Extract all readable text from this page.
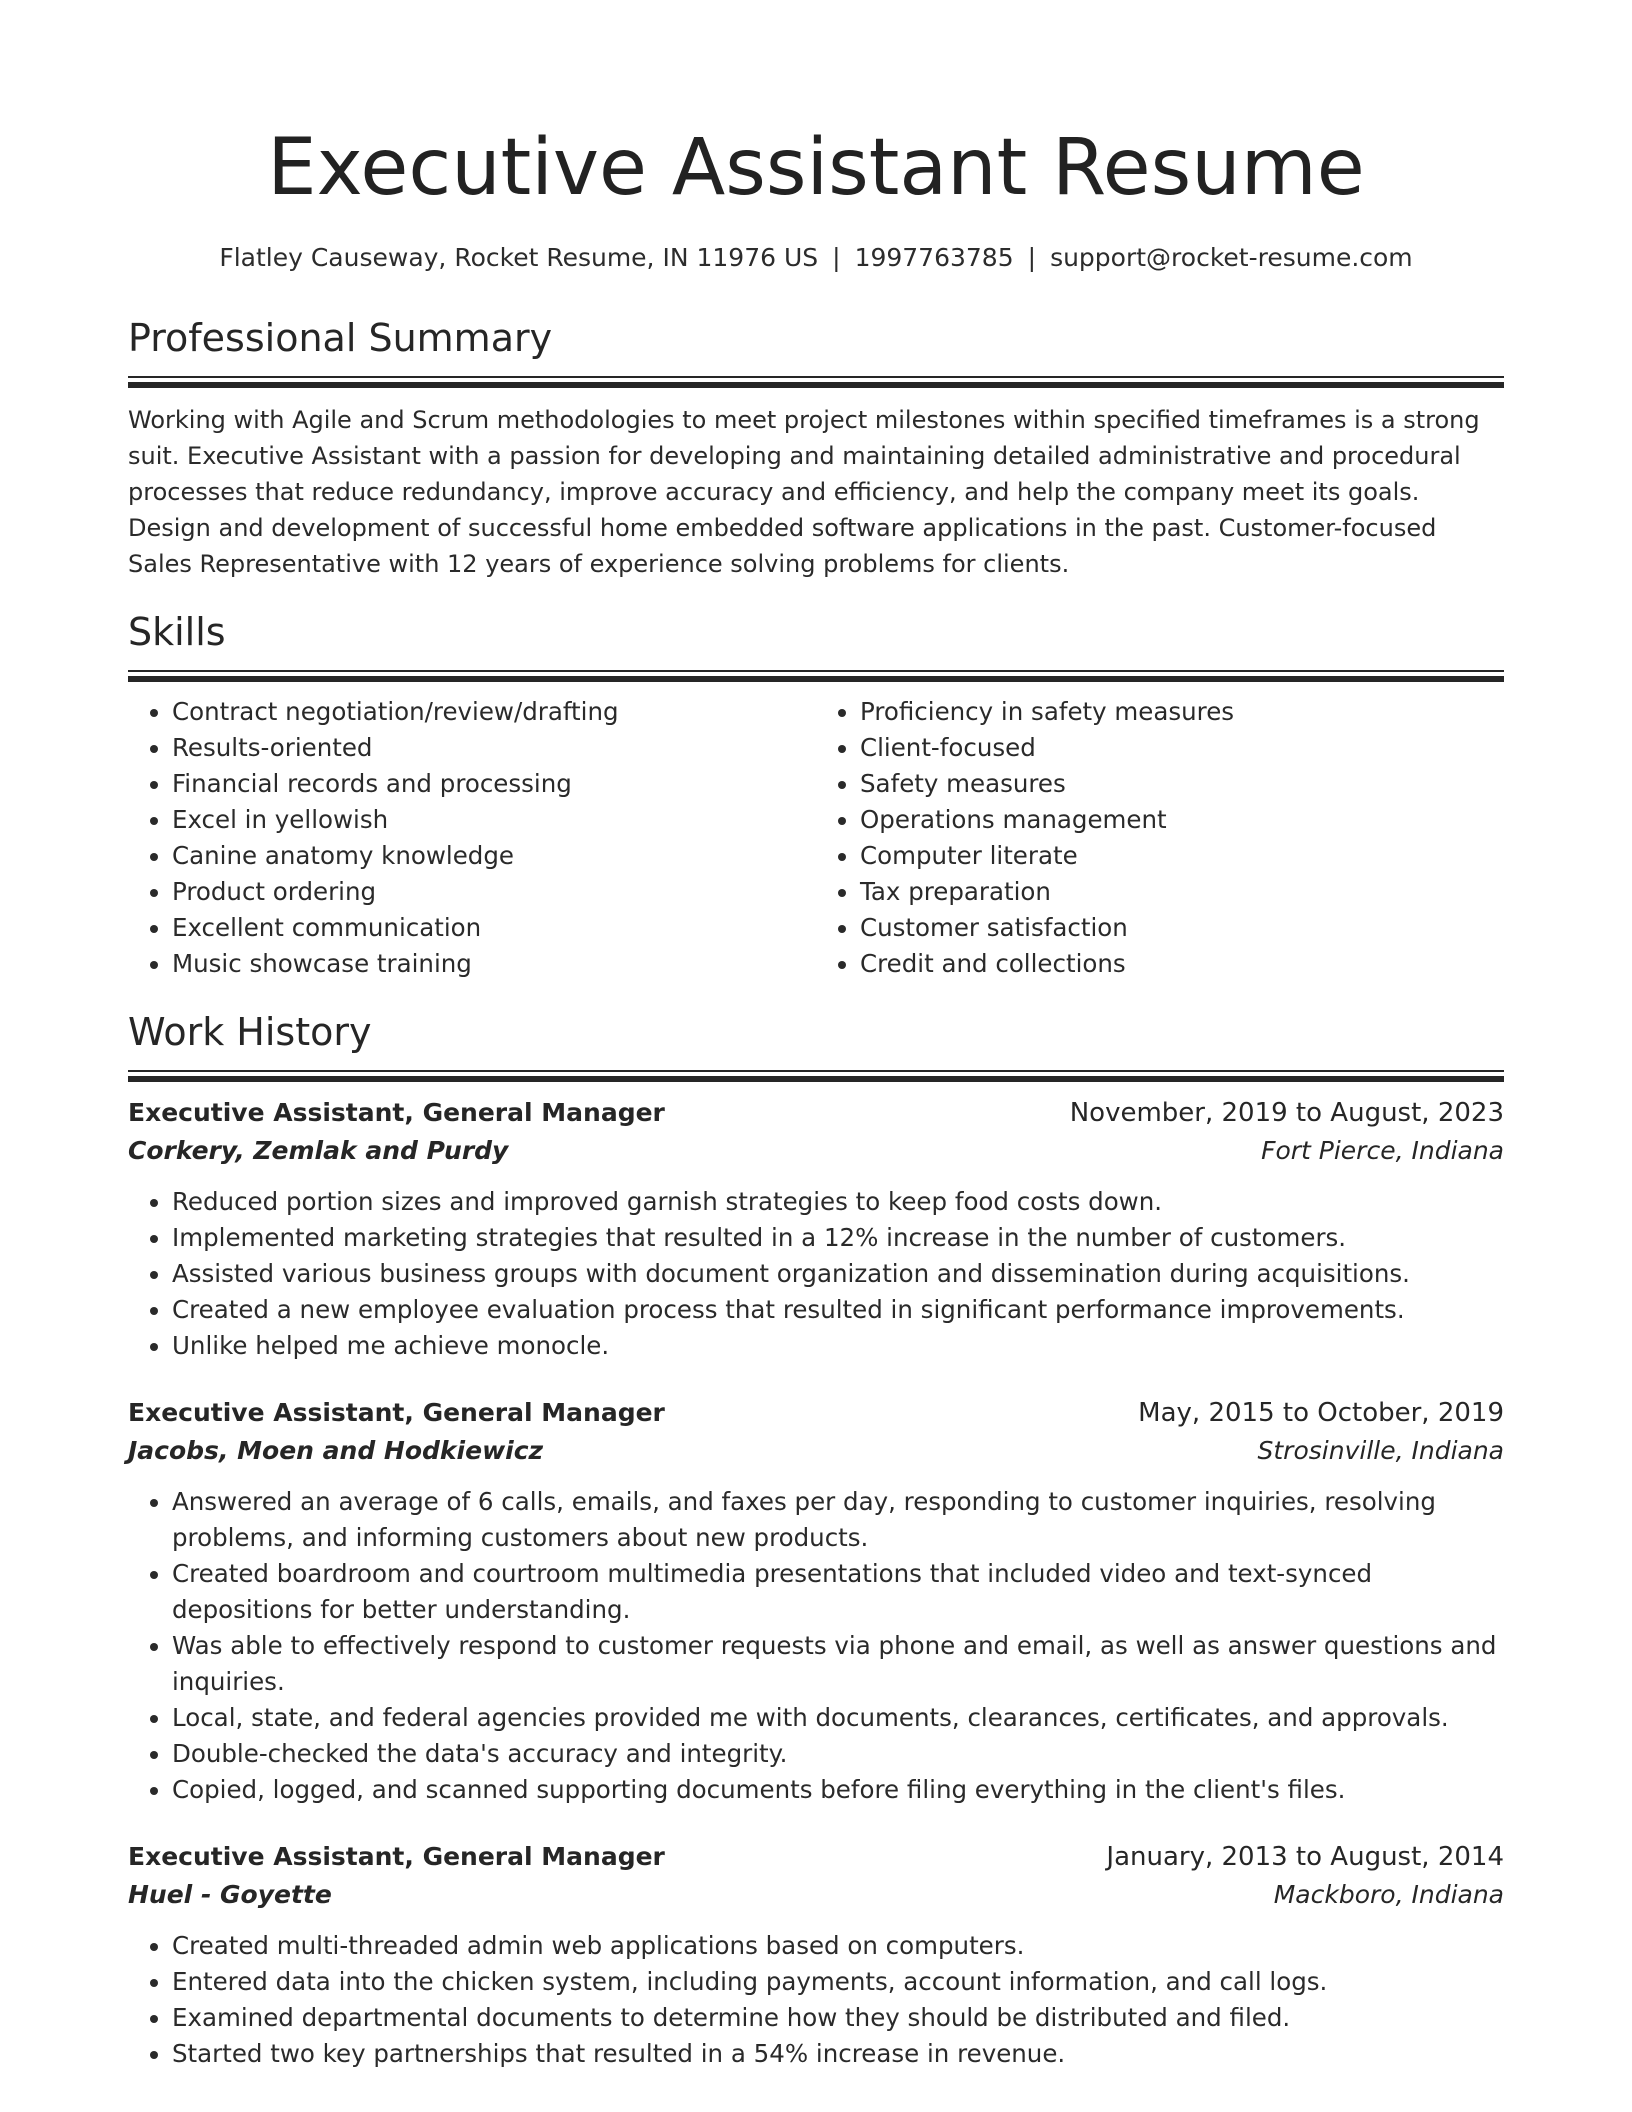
Executive Assistant Resume
Flatley Causeway, Rocket Resume, IN 11976 US | 1997763785 | support@rocket-resume.com
Professional Summary

Working with Agile and Scrum methodologies to meet project milestones within specified timeframes is a strong suit. Executive Assistant with a passion for developing and maintaining detailed administrative and procedural processes that reduce redundancy, improve accuracy and efficiency, and help the company meet its goals. Design and development of successful home embedded software applications in the past. Customer-focused Sales Representative with 12 years of experience solving problems for clients.

Skills
• Contract negotiation/review/drafting
• Results-oriented
• Financial records and processing
• Excel in yellowish
• Canine anatomy knowledge
• Product ordering
• Excellent communication
• Music showcase training
• Proficiency in safety measures
• Client-focused
• Safety measures
• Operations management
• Computer literate
• Tax preparation
• Customer satisfaction
• Credit and collections
Work History
Executive Assistant, General Manager	November, 2019 to August, 2023
Corkery, Zemlak and Purdy	Fort Pierce, Indiana
• Reduced portion sizes and improved garnish strategies to keep food costs down.
• Implemented marketing strategies that resulted in a 12% increase in the number of customers.
• Assisted various business groups with document organization and dissemination during acquisitions.
• Created a new employee evaluation process that resulted in significant performance improvements.
• Unlike helped me achieve monocle.
Executive Assistant, General Manager	May, 2015 to October, 2019
Jacobs, Moen and Hodkiewicz	Strosinville, Indiana
• Answered an average of 6 calls, emails, and faxes per day, responding to customer inquiries, resolving problems, and informing customers about new products.
• Created boardroom and courtroom multimedia presentations that included video and text-synced depositions for better understanding.
• Was able to effectively respond to customer requests via phone and email, as well as answer questions and inquiries.
• Local, state, and federal agencies provided me with documents, clearances, certificates, and approvals.
• Double-checked the data's accuracy and integrity.
• Copied, logged, and scanned supporting documents before filing everything in the client's files.
Executive Assistant, General Manager	January, 2013 to August, 2014
Huel - Goyette	Mackboro, Indiana
• Created multi-threaded admin web applications based on computers.
• Entered data into the chicken system, including payments, account information, and call logs.
• Examined departmental documents to determine how they should be distributed and filed.
• Started two key partnerships that resulted in a 54% increase in revenue.
